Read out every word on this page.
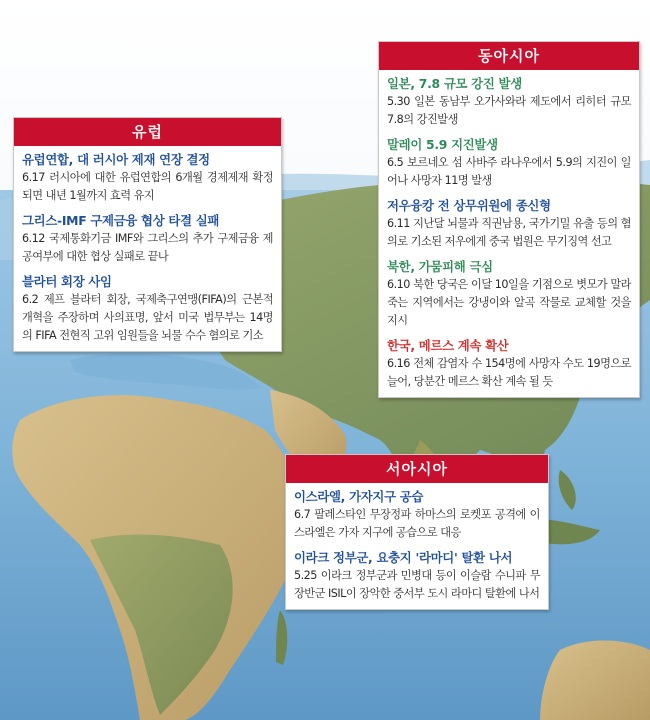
유럽
유럽연합, 대 러시아 제재 연장 결정
6.17 러시아에 대한 유럽연합의 6개월 경제제재 확정되면 내년 1월까지 효력 유지
그리스-IMF 구제금융 협상 타결 실패
6.12 국제통화기금 IMF와 그리스의 추가 구제금융 제공여부에 대한 협상 실패로 끝나
블라터 회장 사임
6.2 제프 블라터 회장, 국제축구연맹(FIFA)의 근본적 개혁을 주장하며 사의표명, 앞서 미국 법무부는 14명의 FIFA 전현직 고위 임원들을 뇌물 수수 혐의로 기소
동아시아
일본, 7.8 규모 강진 발생
5.30 일본 동남부 오가사와라 제도에서 리히터 규모 7.8의 강진발생
말레이 5.9 지진발생
6.5 보르네오 섬 사바주 라나우에서 5.9의 지진이 일어나 사망자 11명 발생
저우융캉 전 상무위원에 종신형
6.11 지난달 뇌물과 직권남용, 국가기밀 유출 등의 혐의로 기소된 저우에게 중국 법원은 무기징역 선고
북한, 가뭄피해 극심
6.10 북한 당국은 이달 10일을 기점으로 볏모가 말라 죽는 지역에서는 강냉이와 알곡 작물로 교체할 것을 지시
한국, 메르스 계속 확산
6.16 전체 감염자 수 154명에 사망자 수도 19명으로 늘어, 당분간 메르스 확산 계속 될 듯
서아시아
이스라엘, 가자지구 공습
6.7 팔레스타인 무장정파 하마스의 로켓포 공격에 이스라엘은 가자 지구에 공습으로 대응
이라크 정부군, 요충지 '라마디' 탈환 나서
5.25 이라크 정부군과 민병대 등이 이슬람 수니파 무장반군 ISIL이 장악한 중서부 도시 라마디 탈환에 나서
